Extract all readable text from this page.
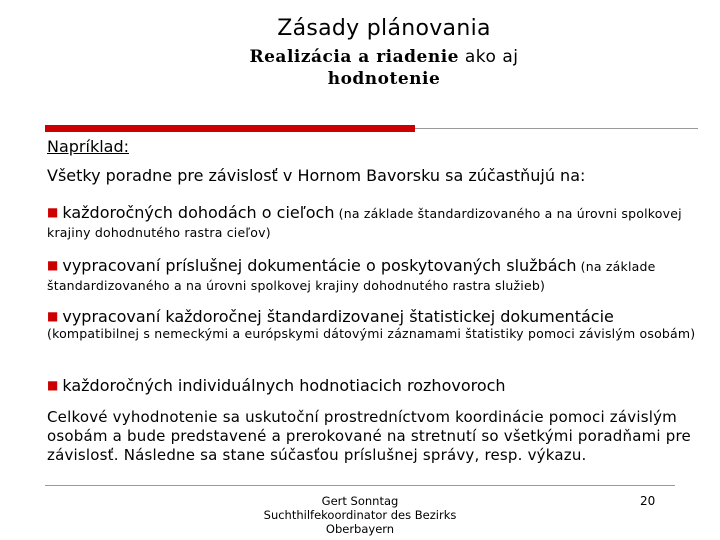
Zásady plánovania
Realizácia a riadenie ako aj
hodnotenie
Napríklad:
Všetky poradne pre závislosť v Hornom Bavorsku sa zúčastňujú na:
■ každoročných dohodách o cieľoch (na základe štandardizovaného a na úrovni spolkovej krajiny dohodnutého rastra cieľov)
■ vypracovaní príslušnej dokumentácie o poskytovaných službách (na základe štandardizovaného a na úrovni spolkovej krajiny dohodnutého rastra služieb)
■ vypracovaní každoročnej štandardizovanej štatistickej dokumentácie
(kompatibilnej s nemeckými a európskymi dátovými záznamami štatistiky pomoci závislým osobám)
■ každoročných individuálnych hodnotiacich rozhovoroch
Celkové vyhodnotenie sa uskutoční prostredníctvom koordinácie pomoci závislým osobám a bude predstavené a prerokované na stretnutí so všetkými poradňami pre závislosť. Následne sa stane súčasťou príslušnej správy, resp. výkazu.
Gert Sonntag
Suchthilfekoordinator des Bezirks
Oberbayern
20
